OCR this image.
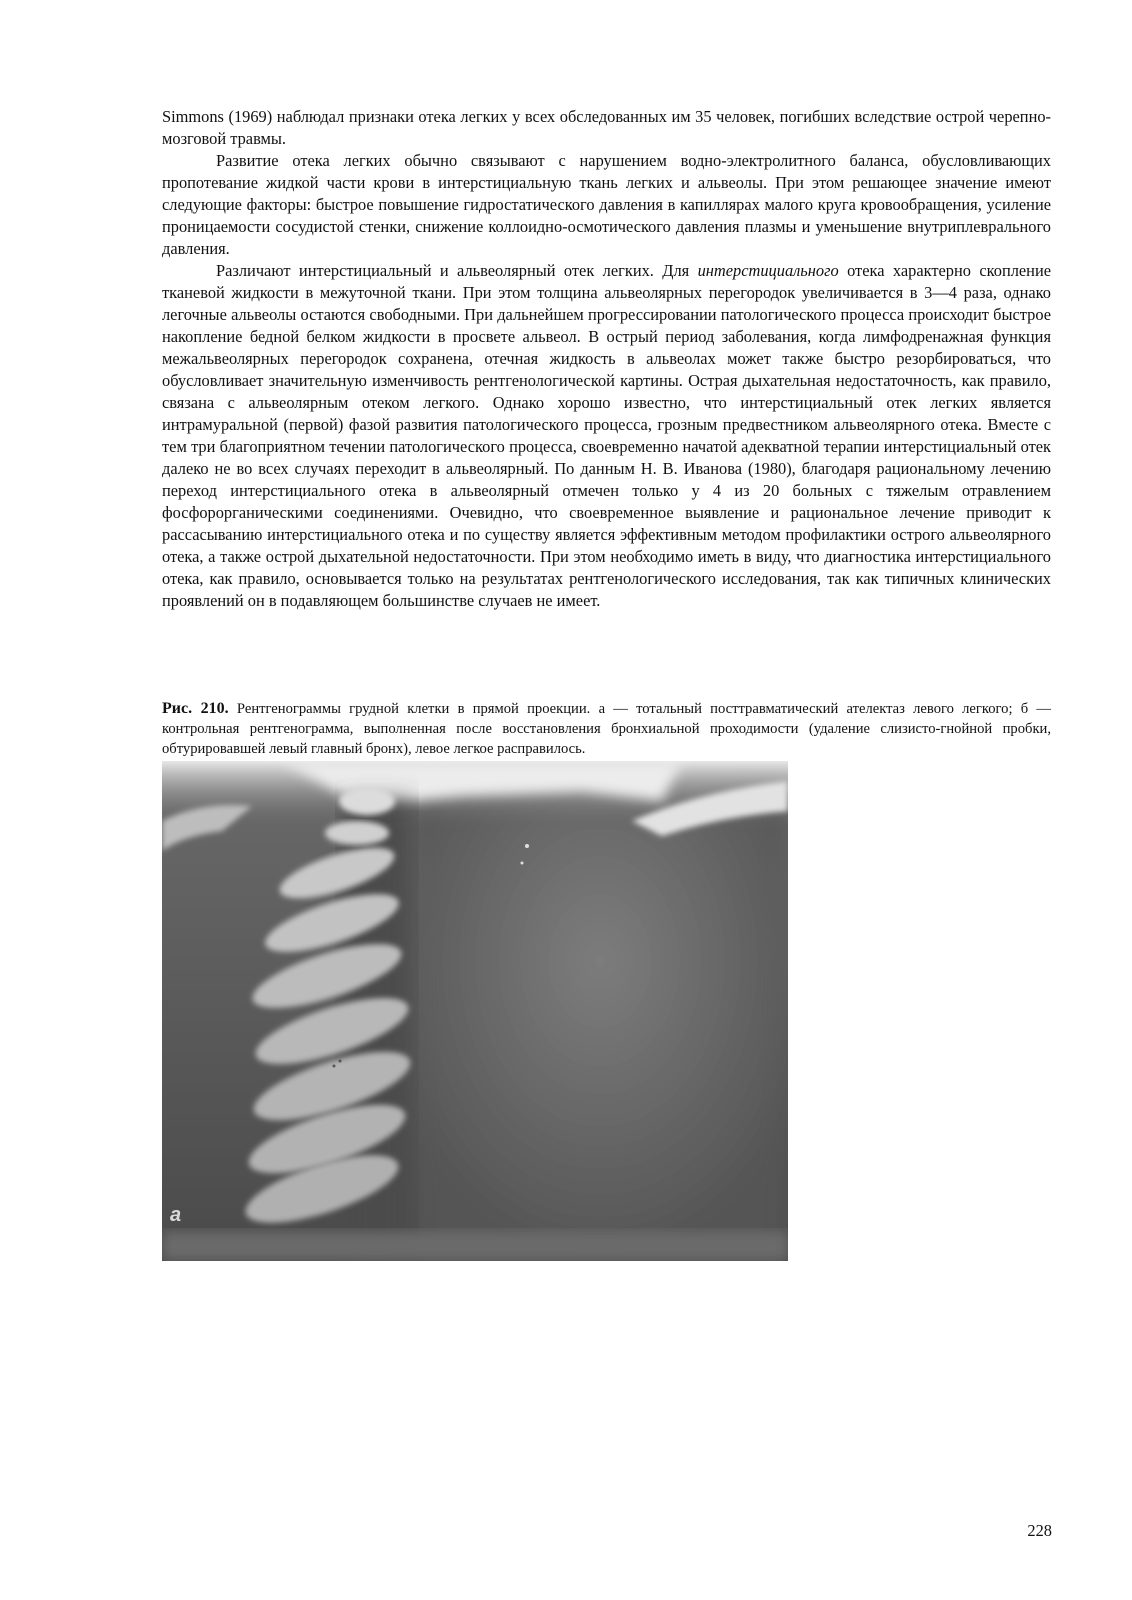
Simmons (1969) наблюдал признаки отека легких у всех обследованных им 35 человек, погибших вследствие острой черепно-мозговой травмы.

Развитие отека легких обычно связывают с нарушением водно-электролитного баланса, обусловливающих пропотевание жидкой части крови в интерстициальную ткань легких и альвеолы. При этом решающее значение имеют следующие факторы: быстрое повышение гидростатического давления в капиллярах малого круга кровообращения, усиление проницаемости сосудистой стенки, снижение коллоидно-осмотического давления плазмы и уменьшение внутриплеврального давления.

Различают интерстициальный и альвеолярный отек легких. Для интерстициального отека характерно скопление тканевой жидкости в межуточной ткани. При этом толщина альвеолярных перегородок увеличивается в 3—4 раза, однако легочные альвеолы остаются свободными. При дальнейшем прогрессировании патологического процесса происходит быстрое накопление бедной белком жидкости в просвете альвеол. В острый период заболевания, когда лимфодренажная функция межальвеолярных перегородок сохранена, отечная жидкость в альвеолах может также быстро резорбироваться, что обусловливает значительную изменчивость рентгенологической картины. Острая дыхательная недостаточность, как правило, связана с альвеолярным отеком легкого. Однако хорошо известно, что интерстициальный отек легких является интрамуральной (первой) фазой развития патологического процесса, грозным предвестником альвеолярного отека. Вместе с тем три благоприятном течении патологического процесса, своевременно начатой адекватной терапии интерстициальный отек далеко не во всех случаях переходит в альвеолярный. По данным Н. В. Иванова (1980), благодаря рациональному лечению переход интерстициального отека в альвеолярный отмечен только у 4 из 20 больных с тяжелым отравлением фосфорорганическими соединениями. Очевидно, что своевременное выявление и рациональное лечение приводит к рассасыванию интерстициального отека и по существу является эффективным методом профилактики острого альвеолярного отека, а также острой дыхательной недостаточности. При этом необходимо иметь в виду, что диагностика интерстициального отека, как правило, основывается только на результатах рентгенологического исследования, так как типичных клинических проявлений он в подавляющем большинстве случаев не имеет.

Рис. 210. Рентгенограммы грудной клетки в прямой проекции. а — тотальный посттравматический ателектаз левого легкого; б — контрольная рентгенограмма, выполненная после восстановления бронхиальной проходимости (удаление слизисто-гнойной пробки, обтурировавшей левый главный бронх), левое легкое расправилось.
а
228
